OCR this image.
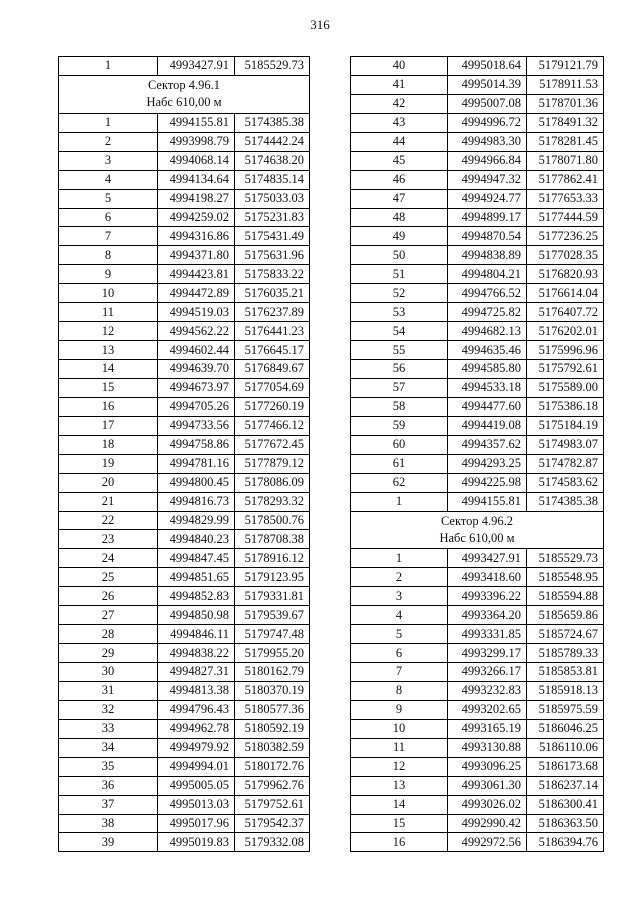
316
1	4993427.91	5185529.73

Сектор 4.96.1
Набс 610,00 м		

1	4994155.81	5174385.38
2	4993998.79	5174442.24
3	4994068.14	5174638.20
4	4994134.64	5174835.14
5	4994198.27	5175033.03
6	4994259.02	5175231.83
7	4994316.86	5175431.49
8	4994371.80	5175631.96
9	4994423.81	5175833.22
10	4994472.89	5176035.21
11	4994519.03	5176237.89
12	4994562.22	5176441.23
13	4994602.44	5176645.17
14	4994639.70	5176849.67
15	4994673.97	5177054.69
16	4994705.26	5177260.19
17	4994733.56	5177466.12
18	4994758.86	5177672.45
19	4994781.16	5177879.12
20	4994800.45	5178086.09
21	4994816.73	5178293.32
22	4994829.99	5178500.76
23	4994840.23	5178708.38
24	4994847.45	5178916.12
25	4994851.65	5179123.95
26	4994852.83	5179331.81
27	4994850.98	5179539.67
28	4994846.11	5179747.48
29	4994838.22	5179955.20
30	4994827.31	5180162.79
31	4994813.38	5180370.19
32	4994796.43	5180577.36
33	4994962.78	5180592.19
34	4994979.92	5180382.59
35	4994994.01	5180172.76
36	4995005.05	5179962.76
37	4995013.03	5179752.61
38	4995017.96	5179542.37
39	4995019.83	5179332.08
40	4995018.64	5179121.79
41	4995014.39	5178911.53
42	4995007.08	5178701.36
43	4994996.72	5178491.32
44	4994983.30	5178281.45
45	4994966.84	5178071.80
46	4994947.32	5177862.41
47	4994924.77	5177653.33
48	4994899.17	5177444.59
49	4994870.54	5177236.25
50	4994838.89	5177028.35
51	4994804.21	5176820.93
52	4994766.52	5176614.04
53	4994725.82	5176407.72
54	4994682.13	5176202.01
55	4994635.46	5175996.96
56	4994585.80	5175792.61
57	4994533.18	5175589.00
58	4994477.60	5175386.18
59	4994419.08	5175184.19
60	4994357.62	5174983.07
61	4994293.25	5174782.87
62	4994225.98	5174583.62
1	4994155.81	5174385.38

Сектор 4.96.2
Набс 610,00 м		

1	4993427.91	5185529.73
2	4993418.60	5185548.95
3	4993396.22	5185594.88
4	4993364.20	5185659.86
5	4993331.85	5185724.67
6	4993299.17	5185789.33
7	4993266.17	5185853.81
8	4993232.83	5185918.13
9	4993202.65	5185975.59
10	4993165.19	5186046.25
11	4993130.88	5186110.06
12	4993096.25	5186173.68
13	4993061.30	5186237.14
14	4993026.02	5186300.41
15	4992990.42	5186363.50
16	4992972.56	5186394.76
